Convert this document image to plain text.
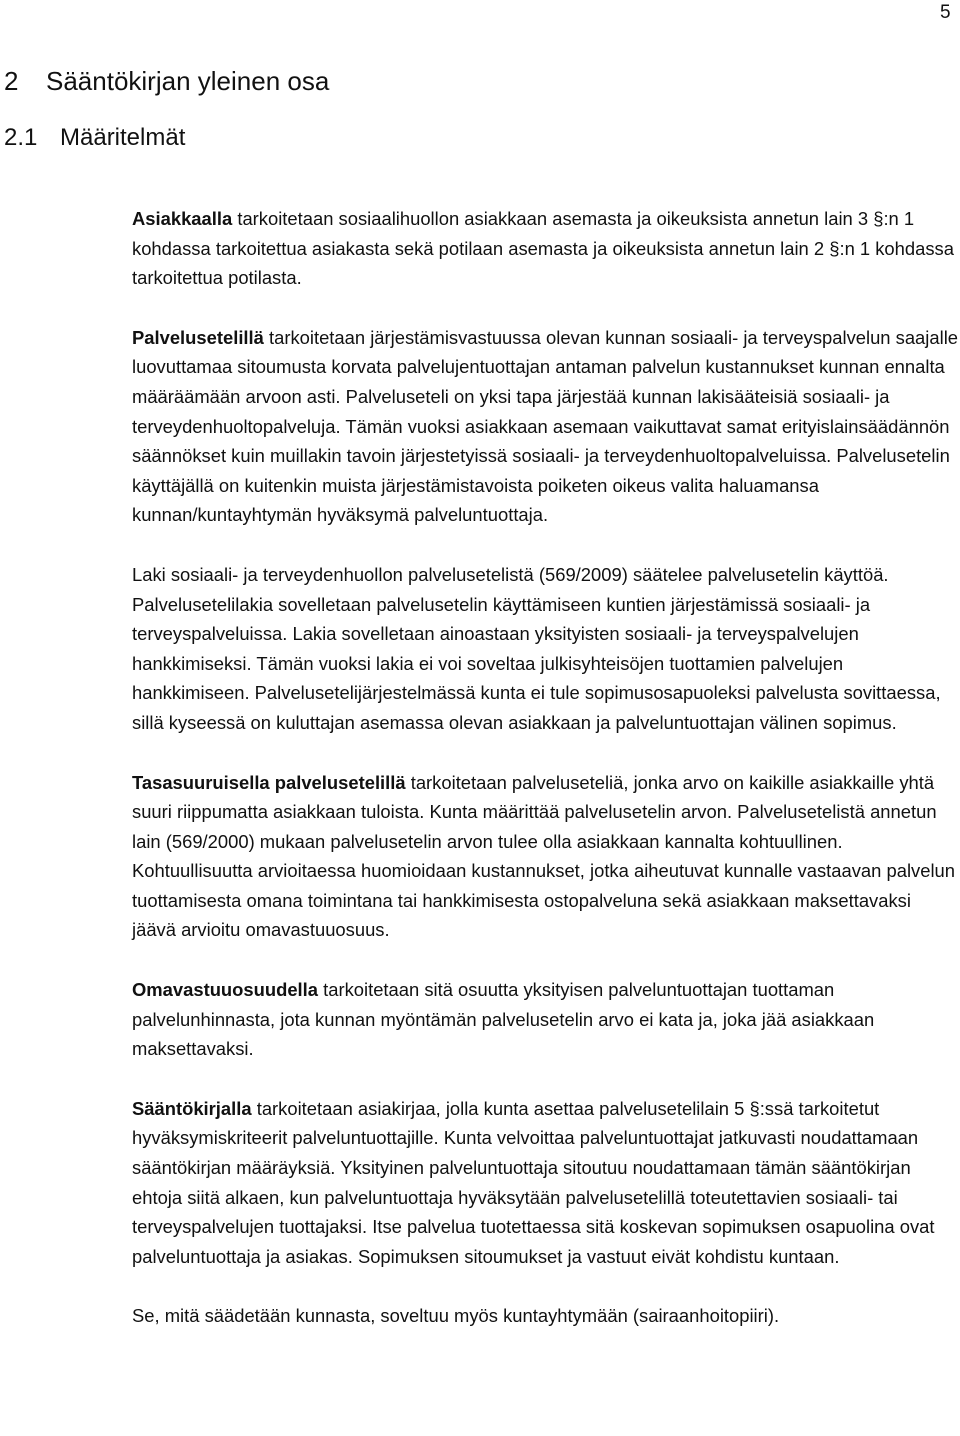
5
2 Sääntökirjan yleinen osa
2.1 Määritelmät

Asiakkaalla tarkoitetaan sosiaalihuollon asiakkaan asemasta ja oikeuksista annetun lain 3 §:n 1 kohdassa tarkoitettua asiakasta sekä potilaan asemasta ja oikeuksista annetun lain 2 §:n 1 kohdassa tarkoitettua potilasta.

Palvelusetelillä tarkoitetaan järjestämisvastuussa olevan kunnan sosiaali- ja terveyspalvelun saajalle luovuttamaa sitoumusta korvata palvelujentuottajan antaman palvelun kustannukset kunnan ennalta määräämään arvoon asti. Palveluseteli on yksi tapa järjestää kunnan lakisääteisiä sosiaali- ja terveydenhuoltopalveluja. Tämän vuoksi asiakkaan asemaan vaikuttavat samat erityislainsäädännön säännökset kuin muillakin tavoin järjestetyissä sosiaali- ja terveydenhuoltopalveluissa. Palvelusetelin käyttäjällä on kuitenkin muista järjestämistavoista poiketen oikeus valita haluamansa kunnan/kuntayhtymän hyväksymä palveluntuottaja.

Laki sosiaali- ja terveydenhuollon palvelusetelistä (569/2009) säätelee palvelusetelin käyttöä. Palvelusetelilakia sovelletaan palvelusetelin käyttämiseen kuntien järjestämissä sosiaali- ja terveyspalveluissa. Lakia sovelletaan ainoastaan yksityisten sosiaali- ja terveyspalvelujen hankkimiseksi. Tämän vuoksi lakia ei voi soveltaa julkisyhteisöjen tuottamien palvelujen hankkimiseen. Palvelusetelijärjestelmässä kunta ei tule sopimusosapuoleksi palvelusta sovittaessa, sillä kyseessä on kuluttajan asemassa olevan asiakkaan ja palveluntuottajan välinen sopimus.

Tasasuuruisella palvelusetelillä tarkoitetaan palveluseteliä, jonka arvo on kaikille asiakkaille yhtä suuri riippumatta asiakkaan tuloista. Kunta määrittää palvelusetelin arvon. Palvelusetelistä annetun lain (569/2000) mukaan palvelusetelin arvon tulee olla asiakkaan kannalta kohtuullinen. Kohtuullisuutta arvioitaessa huomioidaan kustannukset, jotka aiheutuvat kunnalle vastaavan palvelun tuottamisesta omana toimintana tai hankkimisesta ostopalveluna sekä asiakkaan maksettavaksi jäävä arvioitu omavastuuosuus.

Omavastuuosuudella tarkoitetaan sitä osuutta yksityisen palveluntuottajan tuottaman palvelunhinnasta, jota kunnan myöntämän palvelusetelin arvo ei kata ja, joka jää asiakkaan maksettavaksi.

Sääntökirjalla tarkoitetaan asiakirjaa, jolla kunta asettaa palvelusetelilain 5 §:ssä tarkoitetut hyväksymiskriteerit palveluntuottajille. Kunta velvoittaa palveluntuottajat jatkuvasti noudattamaan sääntökirjan määräyksiä. Yksityinen palveluntuottaja sitoutuu noudattamaan tämän sääntökirjan ehtoja siitä alkaen, kun palveluntuottaja hyväksytään palvelusetelillä toteutettavien sosiaali- tai terveyspalvelujen tuottajaksi. Itse palvelua tuotettaessa sitä koskevan sopimuksen osapuolina ovat palveluntuottaja ja asiakas. Sopimuksen sitoumukset ja vastuut eivät kohdistu kuntaan.

Se, mitä säädetään kunnasta, soveltuu myös kuntayhtymään (sairaanhoitopiiri).
